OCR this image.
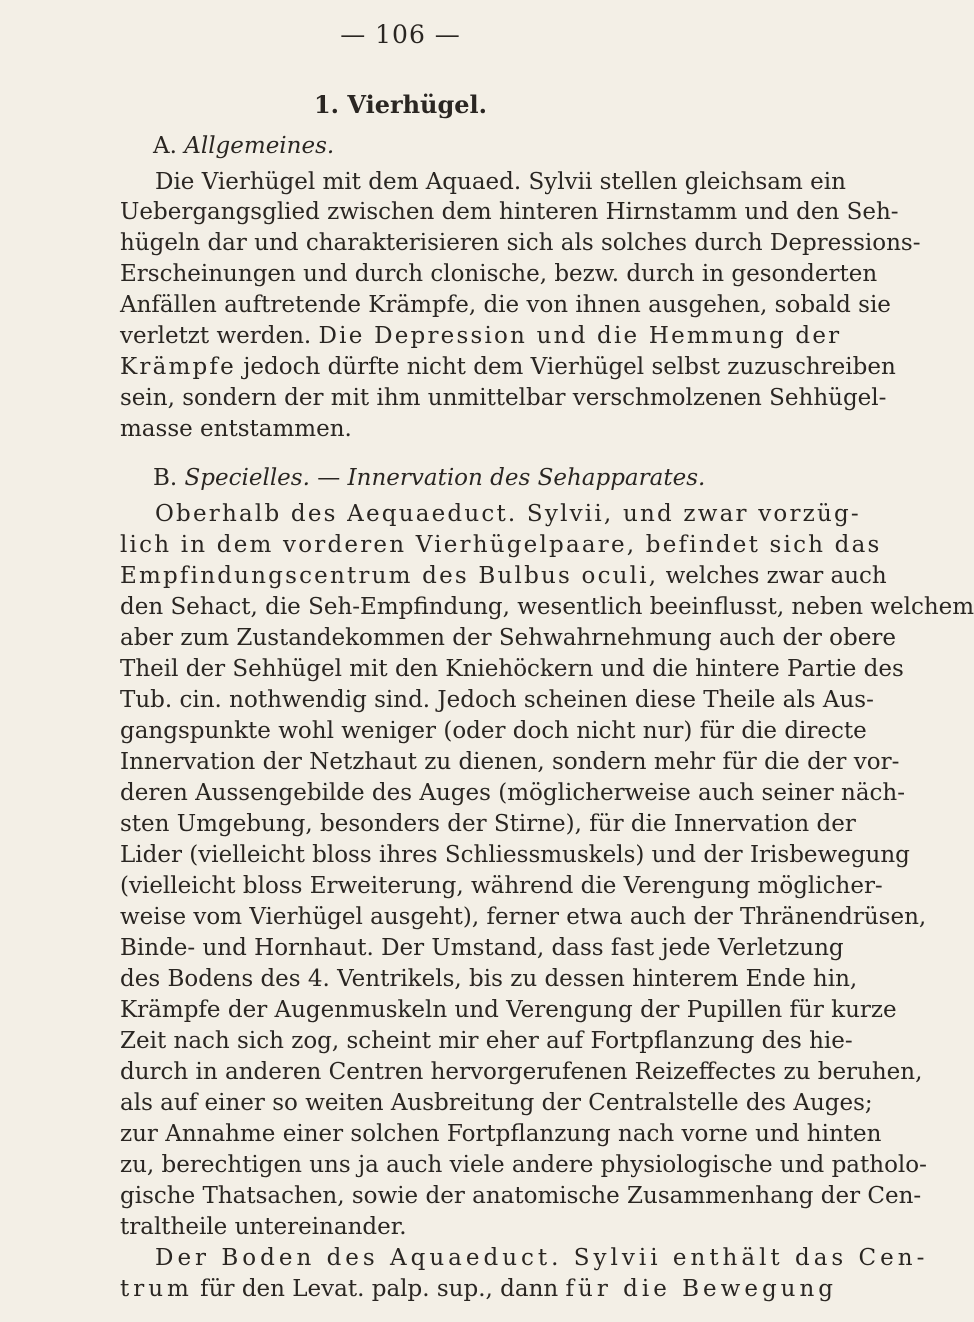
— 106 —
1. Vierhügel.
A. Allgemeines.
Die Vierhügel mit dem Aquaed. Sylvii stellen gleichsam ein
Uebergangsglied zwischen dem hinteren Hirnstamm und den Seh-
hügeln dar und charakterisieren sich als solches durch Depressions-
Erscheinungen und durch clonische, bezw. durch in gesonderten
Anfällen auftretende Krämpfe, die von ihnen ausgehen, sobald sie
verletzt werden. Die Depression und die Hemmung der
Krämpfe jedoch dürfte nicht dem Vierhügel selbst zuzuschreiben
sein, sondern der mit ihm unmittelbar verschmolzenen Sehhügel-
masse entstammen.
B. Specielles. — Innervation des Sehapparates.
Oberhalb des Aequaeduct. Sylvii, und zwar vorzüg-
lich in dem vorderen Vierhügelpaare, befindet sich das
Empfindungscentrum des Bulbus oculi, welches zwar auch
den Sehact, die Seh-Empfindung, wesentlich beeinflusst, neben welchem
aber zum Zustandekommen der Sehwahrnehmung auch der obere
Theil der Sehhügel mit den Kniehöckern und die hintere Partie des
Tub. cin. nothwendig sind. Jedoch scheinen diese Theile als Aus-
gangspunkte wohl weniger (oder doch nicht nur) für die directe
Innervation der Netzhaut zu dienen, sondern mehr für die der vor-
deren Aussengebilde des Auges (möglicherweise auch seiner näch-
sten Umgebung, besonders der Stirne), für die Innervation der
Lider (vielleicht bloss ihres Schliessmuskels) und der Irisbewegung
(vielleicht bloss Erweiterung, während die Verengung möglicher-
weise vom Vierhügel ausgeht), ferner etwa auch der Thränendrüsen,
Binde- und Hornhaut. Der Umstand, dass fast jede Verletzung
des Bodens des 4. Ventrikels, bis zu dessen hinterem Ende hin,
Krämpfe der Augenmuskeln und Verengung der Pupillen für kurze
Zeit nach sich zog, scheint mir eher auf Fortpflanzung des hie-
durch in anderen Centren hervorgerufenen Reizeffectes zu beruhen,
als auf einer so weiten Ausbreitung der Centralstelle des Auges;
zur Annahme einer solchen Fortpflanzung nach vorne und hinten
zu, berechtigen uns ja auch viele andere physiologische und patholo-
gische Thatsachen, sowie der anatomische Zusammenhang der Cen-
traltheile untereinander.
Der Boden des Aquaeduct. Sylvii enthält das Cen-
trum für den Levat. palp. sup., dann für die Bewegung
